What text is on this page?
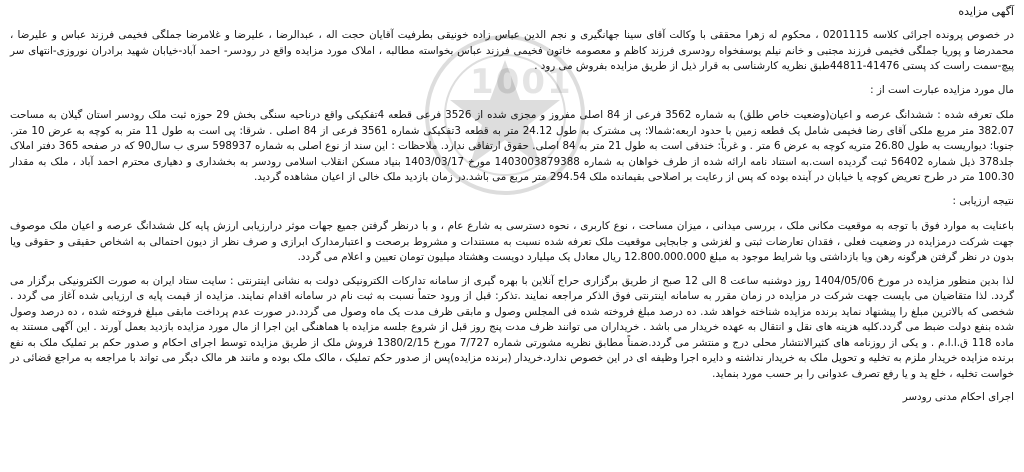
1001
آگهی مزایده
در خصوص پرونده اجرائی کلاسه 0201115 ، محکوم له زهرا محققی با وکالت آقای سینا جهانگیری و نجم الدین عباس زاده خونیقی بطرفیت آقایان حجت اله ، عبدالرضا ، علیرضا و غلامرضا جملگی فخیمی فرزند عباس و علیرضا ، محمدرضا و پوریا جملگی فخیمی فرزند مجتبی و خانم نیلم یوسفخواه رودسری فرزند کاظم و معصومه خاتون فخیمی فرزند عباس بخواسته مطالبه ، املاک مورد مزایده واقع در رودسر- احمد آباد-خیابان شهید برادران نوروزی-انتهای سر پیچ-سمت راست کد پستی 41476-44811طبق نظریه کارشناسی به قرار ذیل از طریق مزایده بفروش می رود .
مال مورد مزایده عبارت است از :
ملک تعرفه شده : ششدانگ عرصه و اعیان(وضعیت خاص طلق) به شماره 3562 فرعی از 84 اصلی مفروز و مجزی شده از 3526 فرعی قطعه 4تفکیکی واقع درناحیه سنگی بخش 29 حوزه ثبت ملک رودسر استان گیلان به مساحت 382.07 متر مربع ملکی آقای رضا فخیمی شامل یک قطعه زمین با حدود اربعه:شمالا: پی مشترک به طول 24.12 متر به قطعه 3تفکیکی شماره 3561 فرعی از 84 اصلی . شرقا: پی است به طول 11 متر به کوچه به عرض 10 متر. جنوبا: دیواریست به طول 26.80 متریه کوچه به عرض 6 متر . و غرباً: خندقی است به طول 21 متر به 84 اصلی. حقوق ارتفاقی ندارد. ملاحظات : این سند از نوع اصلی به شماره 598937 سری ب سال90 که در صفحه 365 دفتر املاک جلد378 ذیل شماره 56402 ثبت گردیده است.به استناد نامه ارائه شده از طرف خواهان به شماره 1403003879388 مورخ 1403/03/17 بنیاد مسکن انقلاب اسلامی رودسر به بخشداری و دهیاری محترم احمد آباد ، ملک به مقدار 100.30 متر در طرح تعریض کوچه یا خیابان در آینده بوده که پس از رعایت بر اصلاحی بقیمانده ملک 294.54 متر مربع می باشد.در زمان بازدید ملک خالی از اعیان مشاهده گردید.
نتیجه ارزیابی :
باعنایت به موارد فوق با توجه به موقعیت مکانی ملک ، بررسی میدانی ، میزان مساحت ، نوع کاربری ، نحوه دسترسی به شارع عام ، و با درنظر گرفتن جمیع جهات موثر درارزیابی ارزش پایه کل ششدانگ عرصه و اعیان ملک موصوف جهت شرکت درمزایده در وضعیت فعلی ، فقدان تعارضات ثبتی و لغزشی و جابجایی موقعیت ملک تعرفه شده نسبت به مستندات و مشروط برصحت و اعتبارمدارک ابرازی و صرف نظر از دیون احتمالی به اشخاص حقیقی و حقوقی ویا بدون در نظر گرفتن هرگونه رهن ویا بازداشتی ویا شرایط موجود به مبلغ 12.800.000.000 ریال معادل یک میلیارد دویست وهشتاد میلیون تومان تعیین و اعلام می گردد.
لذا بدین منظور مزایده در مورخ 1404/05/06 روز دوشنبه ساعت 8 الی 12 صبح از طریق برگزاری حراج آنلاین با بهره گیری از سامانه تدارکات الکترونیکی دولت به نشانی اینترنتی : سایت ستاد ایران به صورت الکترونیکی برگزار می گردد. لذا متقاضیان می بایست جهت شرکت در مزایده در زمان مقرر به سامانه اینترنتی فوق الذکر مراجعه نمایند .تذکر: قبل از ورود حتماً نسبت به ثبت نام در سامانه اقدام نمایند. مزایده از قیمت پایه ی ارزیابی شده آغاز می گردد . شخصی که بالاترین مبلغ را پیشنهاد نماید برنده مزایده شناخته خواهد شد. ده درصد مبلغ فروخته شده فی المجلس وصول و مابقی ظرف مدت یک ماه وصول می گردد.در صورت عدم پرداخت مابقی مبلغ فروخته شده ، ده درصد وصول شده بنفع دولت ضبط می گردد.کلیه هزینه های نقل و انتقال به عهده خریدار می باشد . خریداران می توانند ظرف مدت پنج روز قبل از شروع جلسه مزایده با هماهنگی این اجرا از مال مورد مزایده بازدید بعمل آورند . این آگهی مستند به ماده 118 ق.ا.ا.م . و یکی از روزنامه های کثیرالانتشار محلی درج و منتشر می گردد.ضمناً مطابق نظریه مشورتی شماره 7/727 مورخ 1380/2/15 فروش ملک از طریق مزایده توسط اجرای احکام و صدور حکم بر تملیک ملک به نفع برنده مزایده خریدار ملزم به تخلیه و تحویل ملک به خریدار نداشته و دایره اجرا وظیفه ای در این خصوص ندارد.خریدار (برنده مزایده)پس از صدور حکم تملیک ، مالک ملک بوده و مانند هر مالک دیگر می تواند با مراجعه به مراجع قضائی در خواست تخلیه ، خلع ید و یا رفع تصرف عدوانی را بر حسب مورد بنماید.
اجرای احکام مدنی رودسر
